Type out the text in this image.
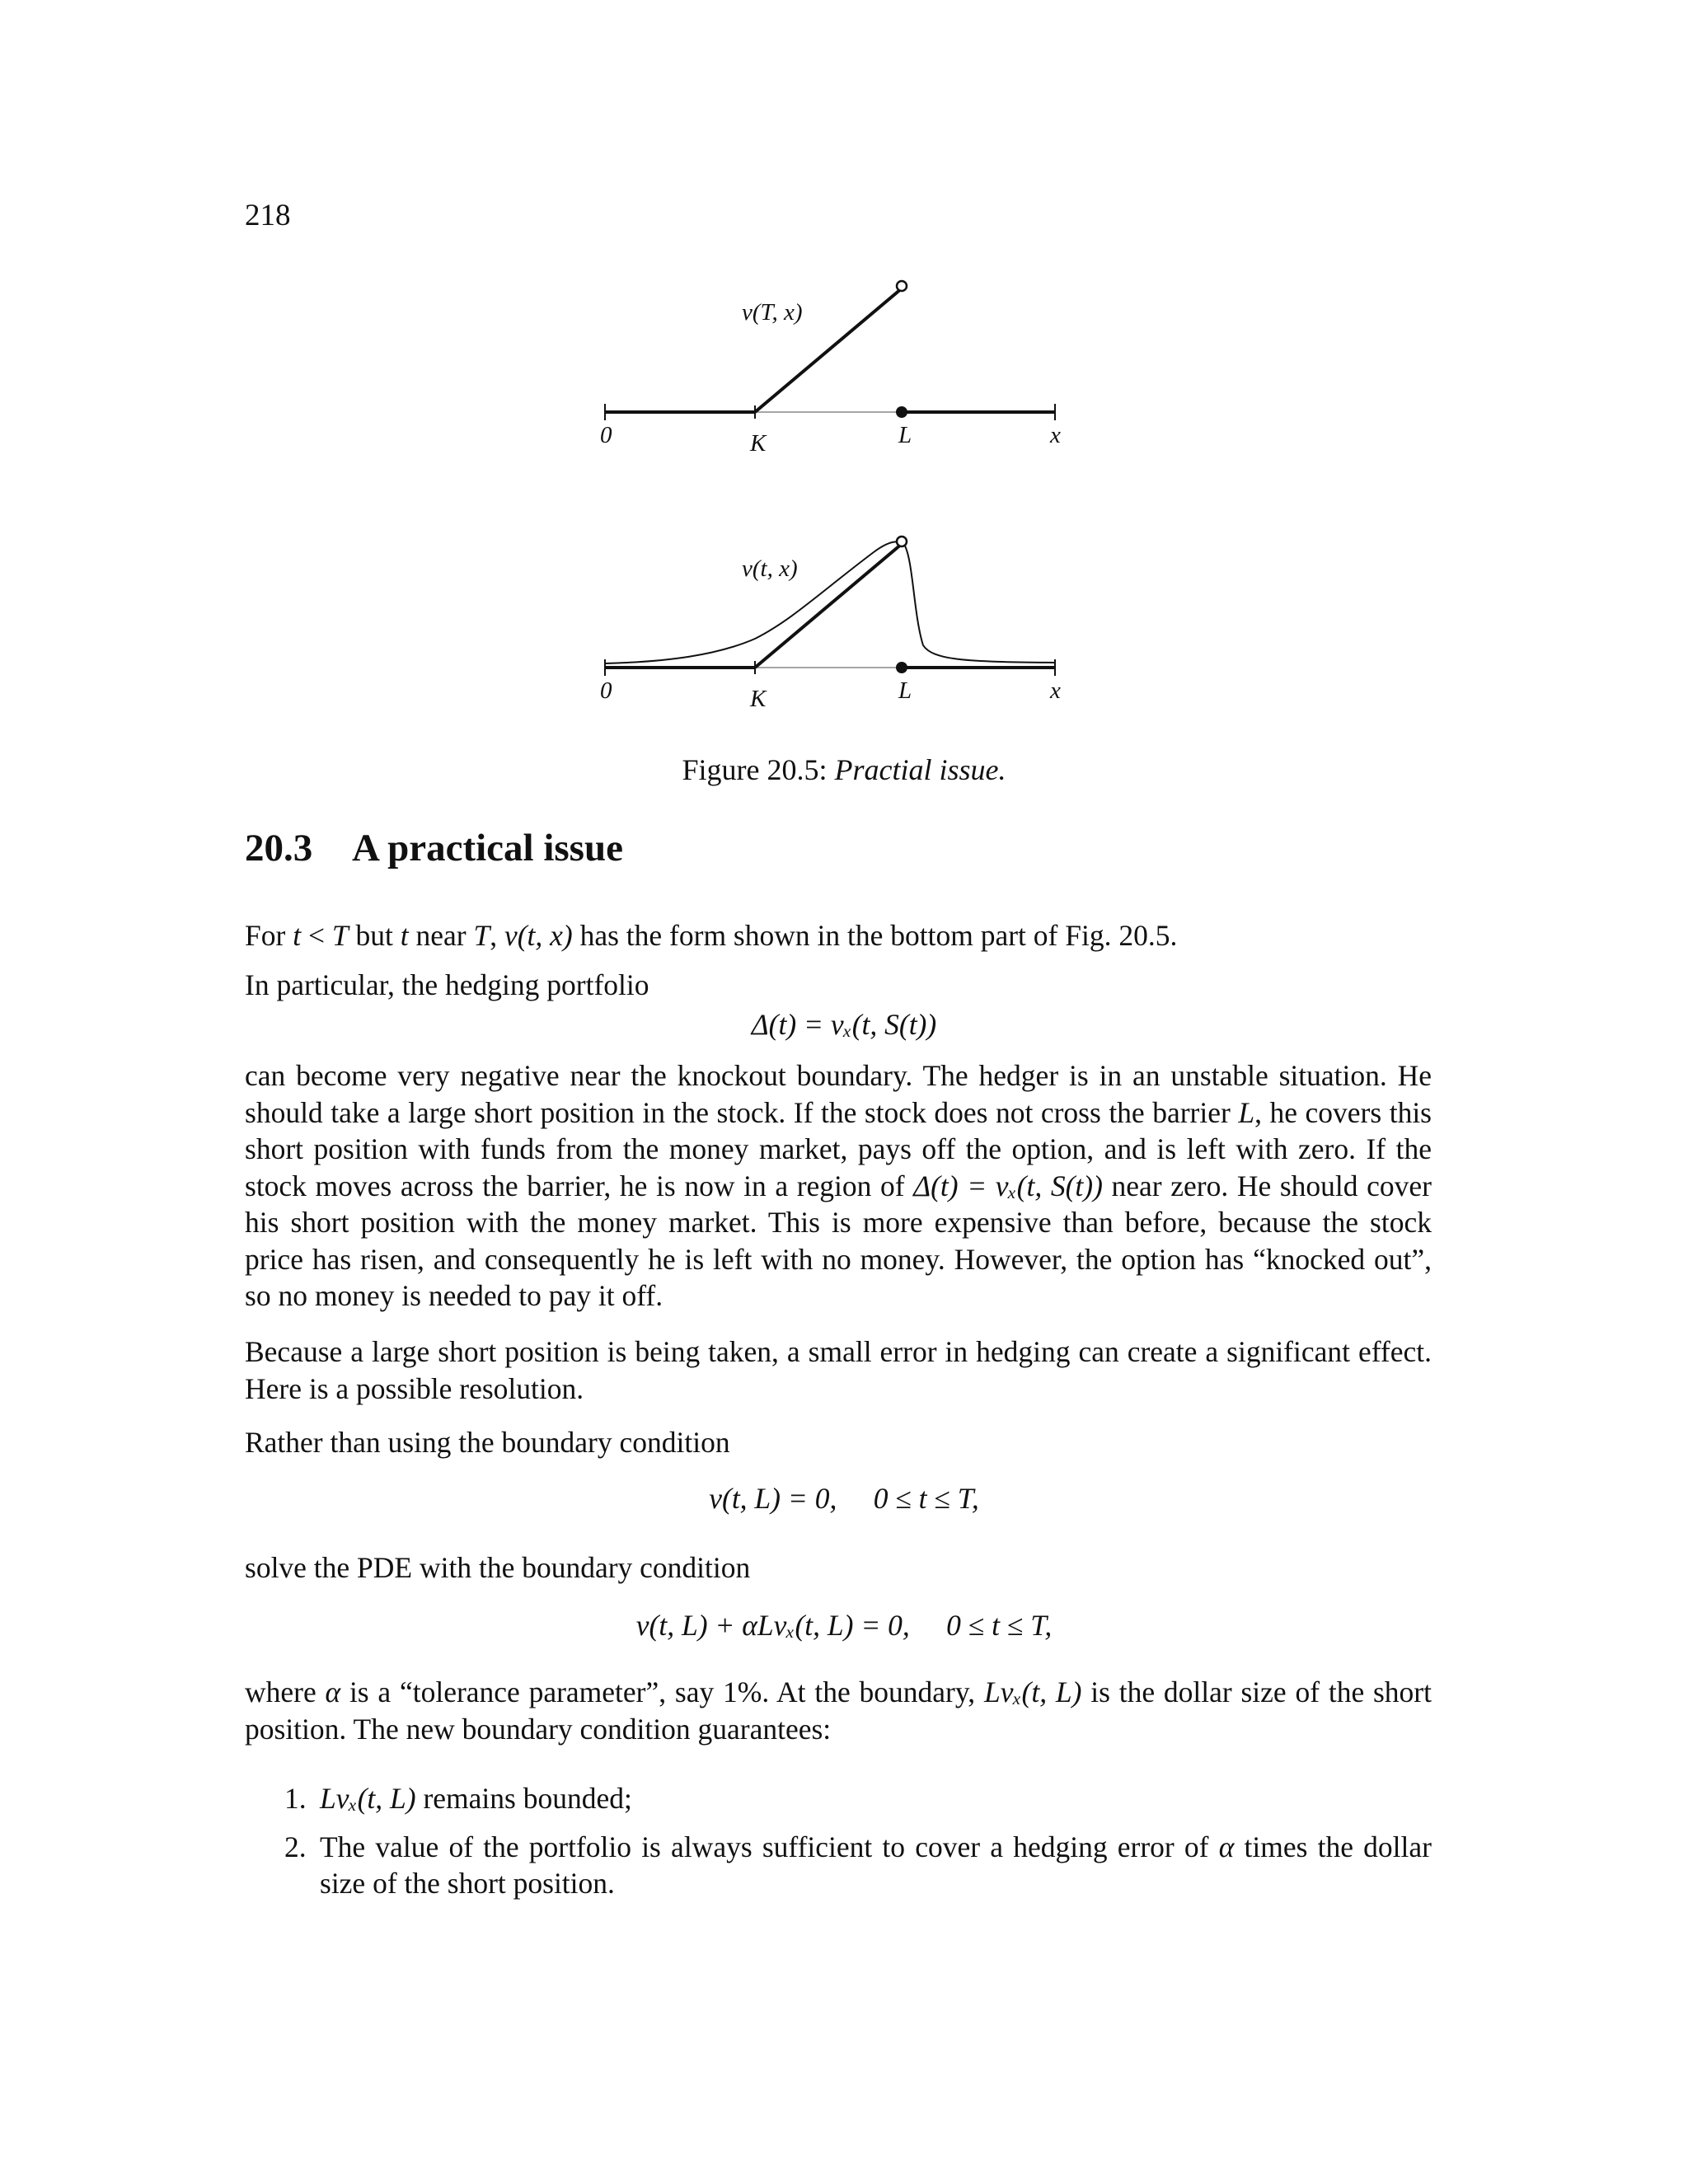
218
v(T, x)
0	K	L	x
v(t, x)
0	K	L	x
Figure 20.5: Practial issue.
20.3 A practical issue
For t < T but t near T, v(t, x) has the form shown in the bottom part of Fig. 20.5.
In particular, the hedging portfolio
Δ(t) = vₓ(t, S(t))
can become very negative near the knockout boundary. The hedger is in an unstable situation. He should take a large short position in the stock. If the stock does not cross the barrier L, he covers this short position with funds from the money market, pays off the option, and is left with zero. If the stock moves across the barrier, he is now in a region of Δ(t) = vₓ(t, S(t)) near zero. He should cover his short position with the money market. This is more expensive than before, because the stock price has risen, and consequently he is left with no money. However, the option has “knocked out”, so no money is needed to pay it off.
Because a large short position is being taken, a small error in hedging can create a significant effect. Here is a possible resolution.
Rather than using the boundary condition
v(t, L) = 0,     0 ≤ t ≤ T,
solve the PDE with the boundary condition
v(t, L) + αLvₓ(t, L) = 0,     0 ≤ t ≤ T,
where α is a “tolerance parameter”, say 1%. At the boundary, Lvₓ(t, L) is the dollar size of the short position. The new boundary condition guarantees:
1. Lvₓ(t, L) remains bounded;
2. The value of the portfolio is always sufficient to cover a hedging error of α times the dollar size of the short position.
